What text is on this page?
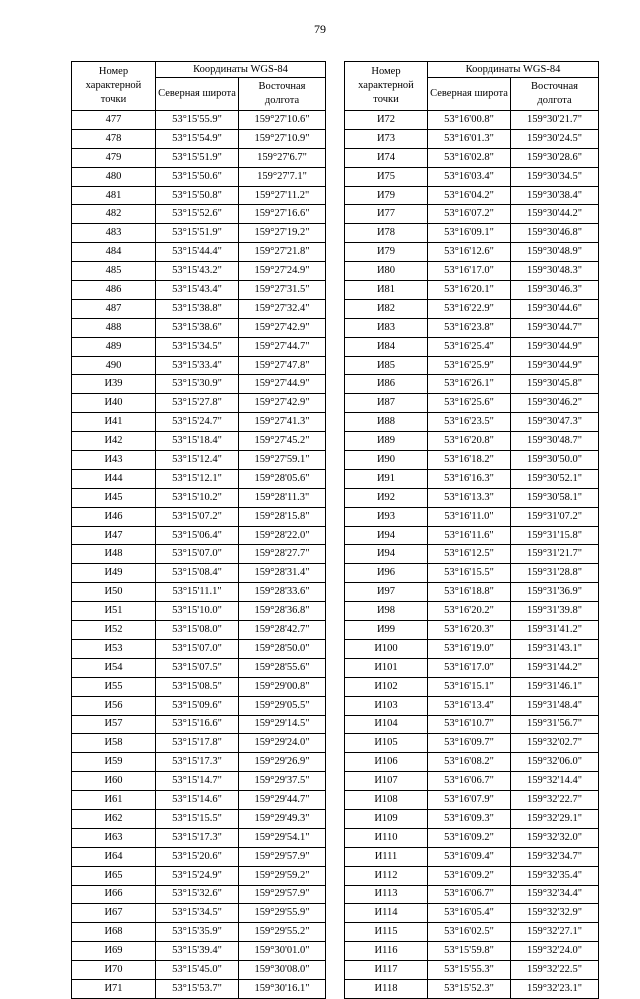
79
Номер характерной точки	Координаты WGS-84	
	Северная широта	Восточная долгота
477	53°15'55.9"	159°27'10.6"
478	53°15'54.9"	159°27'10.9"
479	53°15'51.9"	159°27'6.7"
480	53°15'50.6"	159°27'7.1"
481	53°15'50.8"	159°27'11.2"
482	53°15'52.6"	159°27'16.6"
483	53°15'51.9"	159°27'19.2"
484	53°15'44.4"	159°27'21.8"
485	53°15'43.2"	159°27'24.9"
486	53°15'43.4"	159°27'31.5"
487	53°15'38.8"	159°27'32.4"
488	53°15'38.6"	159°27'42.9"
489	53°15'34.5"	159°27'44.7"
490	53°15'33.4"	159°27'47.8"
И39	53°15'30.9"	159°27'44.9"
И40	53°15'27.8"	159°27'42.9"
И41	53°15'24.7"	159°27'41.3"
И42	53°15'18.4"	159°27'45.2"
И43	53°15'12.4"	159°27'59.1"
И44	53°15'12.1"	159°28'05.6"
И45	53°15'10.2"	159°28'11.3"
И46	53°15'07.2"	159°28'15.8"
И47	53°15'06.4"	159°28'22.0"
И48	53°15'07.0"	159°28'27.7"
И49	53°15'08.4"	159°28'31.4"
И50	53°15'11.1"	159°28'33.6"
И51	53°15'10.0"	159°28'36.8"
И52	53°15'08.0"	159°28'42.7"
И53	53°15'07.0"	159°28'50.0"
И54	53°15'07.5"	159°28'55.6"
И55	53°15'08.5"	159°29'00.8"
И56	53°15'09.6"	159°29'05.5"
И57	53°15'16.6"	159°29'14.5"
И58	53°15'17.8"	159°29'24.0"
И59	53°15'17.3"	159°29'26.9"
И60	53°15'14.7"	159°29'37.5"
И61	53°15'14.6"	159°29'44.7"
И62	53°15'15.5"	159°29'49.3"
И63	53°15'17.3"	159°29'54.1"
И64	53°15'20.6"	159°29'57.9"
И65	53°15'24.9"	159°29'59.2"
И66	53°15'32.6"	159°29'57.9"
И67	53°15'34.5"	159°29'55.9"
И68	53°15'35.9"	159°29'55.2"
И69	53°15'39.4"	159°30'01.0"
И70	53°15'45.0"	159°30'08.0"
И71	53°15'53.7"	159°30'16.1"
Номер характерной точки	Координаты WGS-84	
	Северная широта	Восточная долгота
И72	53°16'00.8"	159°30'21.7"
И73	53°16'01.3"	159°30'24.5"
И74	53°16'02.8"	159°30'28.6"
И75	53°16'03.4"	159°30'34.5"
И79	53°16'04.2"	159°30'38.4"
И77	53°16'07.2"	159°30'44.2"
И78	53°16'09.1"	159°30'46.8"
И79	53°16'12.6"	159°30'48.9"
И80	53°16'17.0"	159°30'48.3"
И81	53°16'20.1"	159°30'46.3"
И82	53°16'22.9"	159°30'44.6"
И83	53°16'23.8"	159°30'44.7"
И84	53°16'25.4"	159°30'44.9"
И85	53°16'25.9"	159°30'44.9"
И86	53°16'26.1"	159°30'45.8"
И87	53°16'25.6"	159°30'46.2"
И88	53°16'23.5"	159°30'47.3"
И89	53°16'20.8"	159°30'48.7"
И90	53°16'18.2"	159°30'50.0"
И91	53°16'16.3"	159°30'52.1"
И92	53°16'13.3"	159°30'58.1"
И93	53°16'11.0"	159°31'07.2"
И94	53°16'11.6"	159°31'15.8"
И94	53°16'12.5"	159°31'21.7"
И96	53°16'15.5"	159°31'28.8"
И97	53°16'18.8"	159°31'36.9"
И98	53°16'20.2"	159°31'39.8"
И99	53°16'20.3"	159°31'41.2"
И100	53°16'19.0"	159°31'43.1"
И101	53°16'17.0"	159°31'44.2"
И102	53°16'15.1"	159°31'46.1"
И103	53°16'13.4"	159°31'48.4"
И104	53°16'10.7"	159°31'56.7"
И105	53°16'09.7"	159°32'02.7"
И106	53°16'08.2"	159°32'06.0"
И107	53°16'06.7"	159°32'14.4"
И108	53°16'07.9"	159°32'22.7"
И109	53°16'09.3"	159°32'29.1"
И110	53°16'09.2"	159°32'32.0"
И111	53°16'09.4"	159°32'34.7"
И112	53°16'09.2"	159°32'35.4"
И113	53°16'06.7"	159°32'34.4"
И114	53°16'05.4"	159°32'32.9"
И115	53°16'02.5"	159°32'27.1"
И116	53°15'59.8"	159°32'24.0"
И117	53°15'55.3"	159°32'22.5"
И118	53°15'52.3"	159°32'23.1"
